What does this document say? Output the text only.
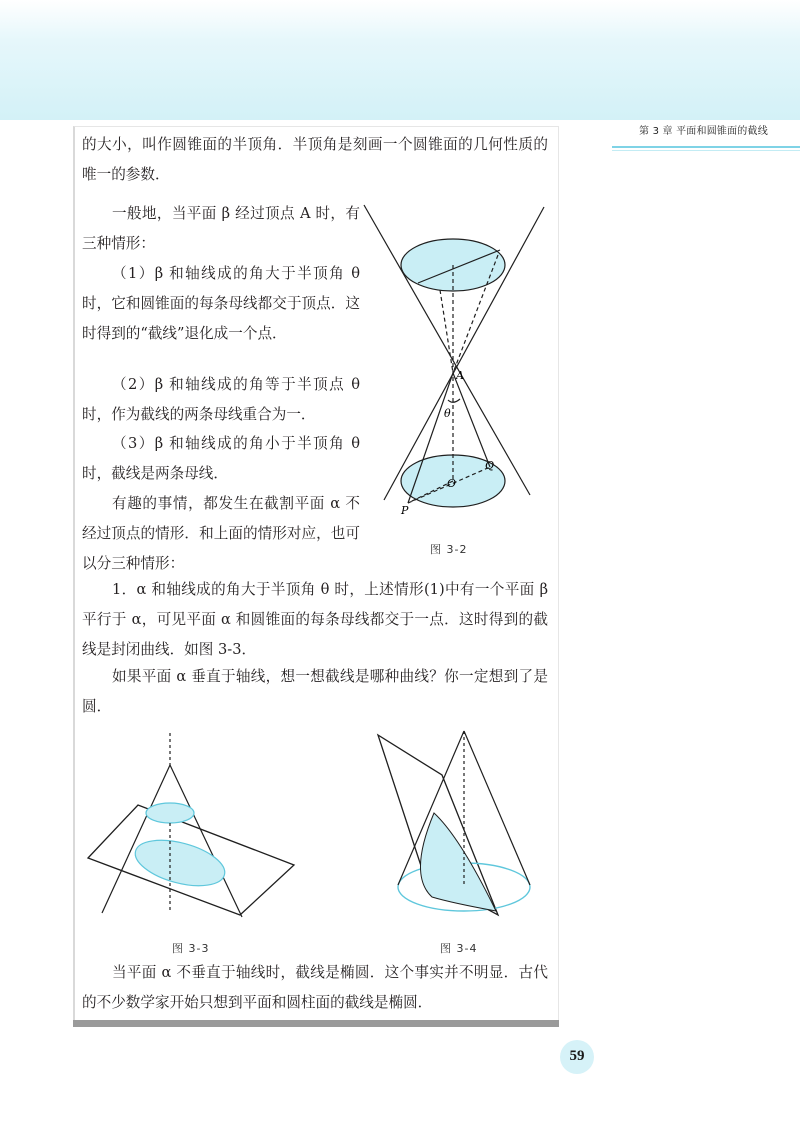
第 3 章 平面和圆锥面的截线

的大小，叫作圆锥面的半顶角．半顶角是刻画一个圆锥面的几何性质的唯一的参数．

一般地，当平面 β 经过顶点 A 时，有三种情形：

（1）β 和轴线成的角大于半顶角 θ 时，它和圆锥面的每条母线都交于顶点．这时得到的“截线”退化成一个点．

（2）β 和轴线成的角等于半顶点 θ 时，作为截线的两条母线重合为一．

（3）β 和轴线成的角小于半顶角 θ 时，截线是两条母线．

有趣的事情，都发生在截割平面 α 不经过顶点的情形．和上面的情形对应，也可以分三种情形：

1．α 和轴线成的角大于半顶角 θ 时，上述情形(1)中有一个平面 β 平行于 α，可见平面 α 和圆锥面的每条母线都交于一点．这时得到的截线是封闭曲线．如图 3-3．

如果平面 α 垂直于轴线，想一想截线是哪种曲线？你一定想到了是圆．

当平面 α 不垂直于轴线时，截线是椭圆．这个事实并不明显．古代的不少数学家开始只想到平面和圆柱面的截线是椭圆．

A
θ
Q
O
P
图 3-2
图 3-3	图 3-4
59
